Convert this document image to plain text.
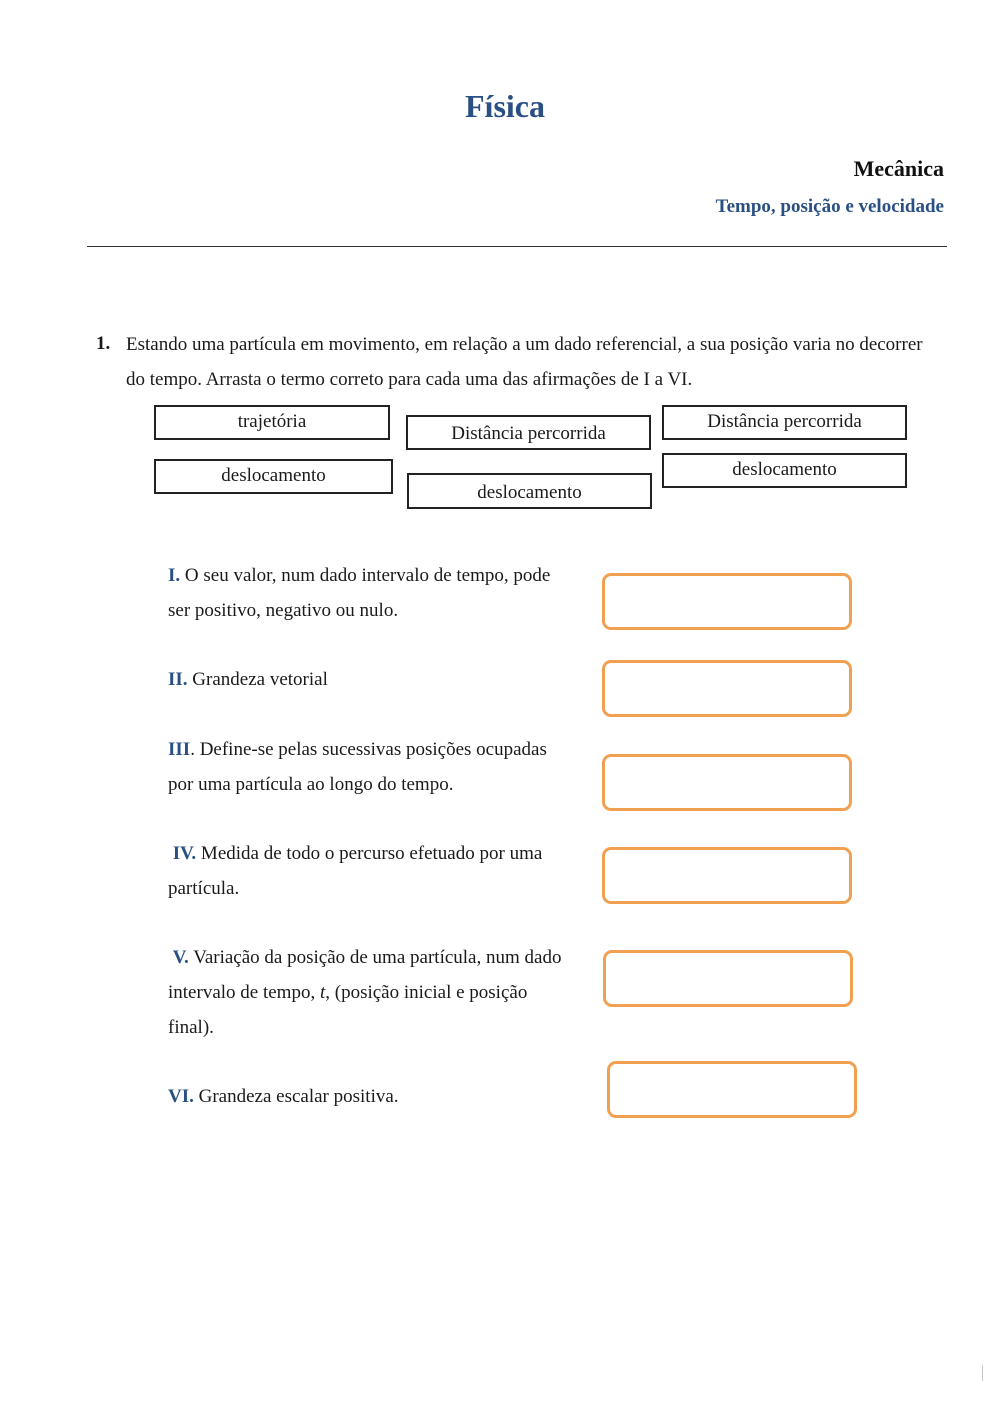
Física
Mecânica
Tempo, posição e velocidade
1. Estando uma partícula em movimento, em relação a um dado referencial, a sua posição varia no decorrer do tempo. Arrasta o termo correto para cada uma das afirmações de I a VI.
trajetória
Distância percorrida
Distância percorrida
deslocamento
deslocamento
deslocamento
I. O seu valor, num dado intervalo de tempo, pode ser positivo, negativo ou nulo.
II. Grandeza vetorial
III. Define-se pelas sucessivas posições ocupadas por uma partícula ao longo do tempo.
IV. Medida de todo o percurso efetuado por uma partícula.
V. Variação da posição de uma partícula, num dado intervalo de tempo, t, (posição inicial e posição final).
VI. Grandeza escalar positiva.
